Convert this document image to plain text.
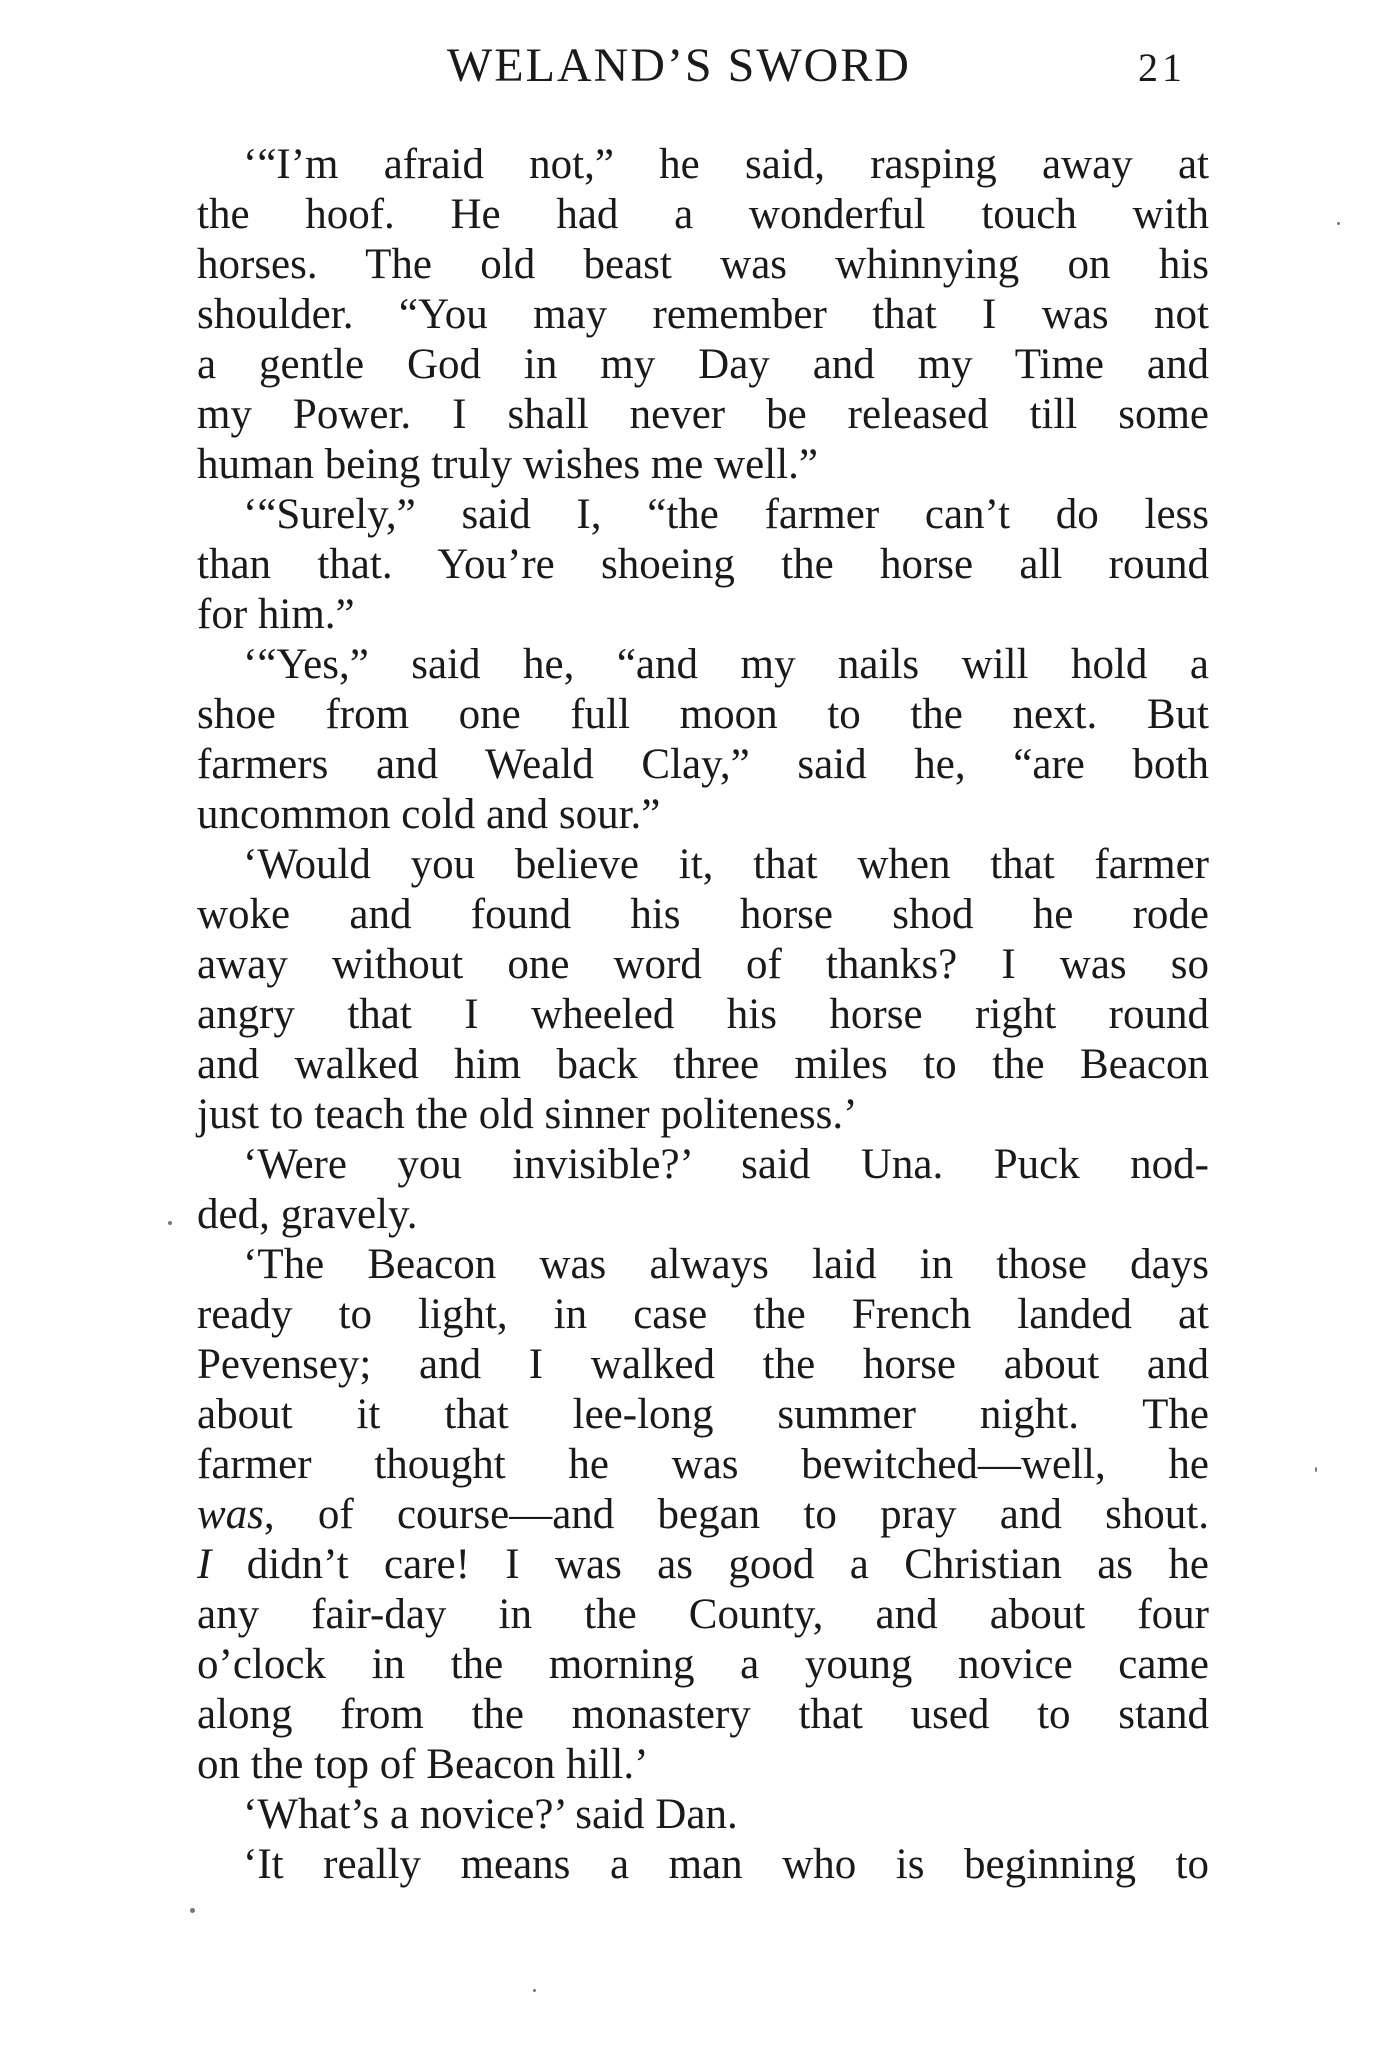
WELAND’S SWORD	21
‘“I’m afraid not,” he said, rasping away at
the hoof. He had a wonderful touch with
horses. The old beast was whinnying on his
shoulder. “You may remember that I was not
a gentle God in my Day and my Time and
my Power. I shall never be released till some
human being truly wishes me well.”
‘“Surely,” said I, “the farmer can’t do less
than that. You’re shoeing the horse all round
for him.”
‘“Yes,” said he, “and my nails will hold a
shoe from one full moon to the next. But
farmers and Weald Clay,” said he, “are both
uncommon cold and sour.”
‘Would you believe it, that when that farmer
woke and found his horse shod he rode
away without one word of thanks? I was so
angry that I wheeled his horse right round
and walked him back three miles to the Beacon
just to teach the old sinner politeness.’
‘Were you invisible?’ said Una. Puck nod-
ded, gravely.
‘The Beacon was always laid in those days
ready to light, in case the French landed at
Pevensey; and I walked the horse about and
about it that lee-long summer night. The
farmer thought he was bewitched—well, he
was, of course—and began to pray and shout.
I didn’t care! I was as good a Christian as he
any fair-day in the County, and about four
o’clock in the morning a young novice came
along from the monastery that used to stand
on the top of Beacon hill.’
‘What’s a novice?’ said Dan.
‘It really means a man who is beginning to
